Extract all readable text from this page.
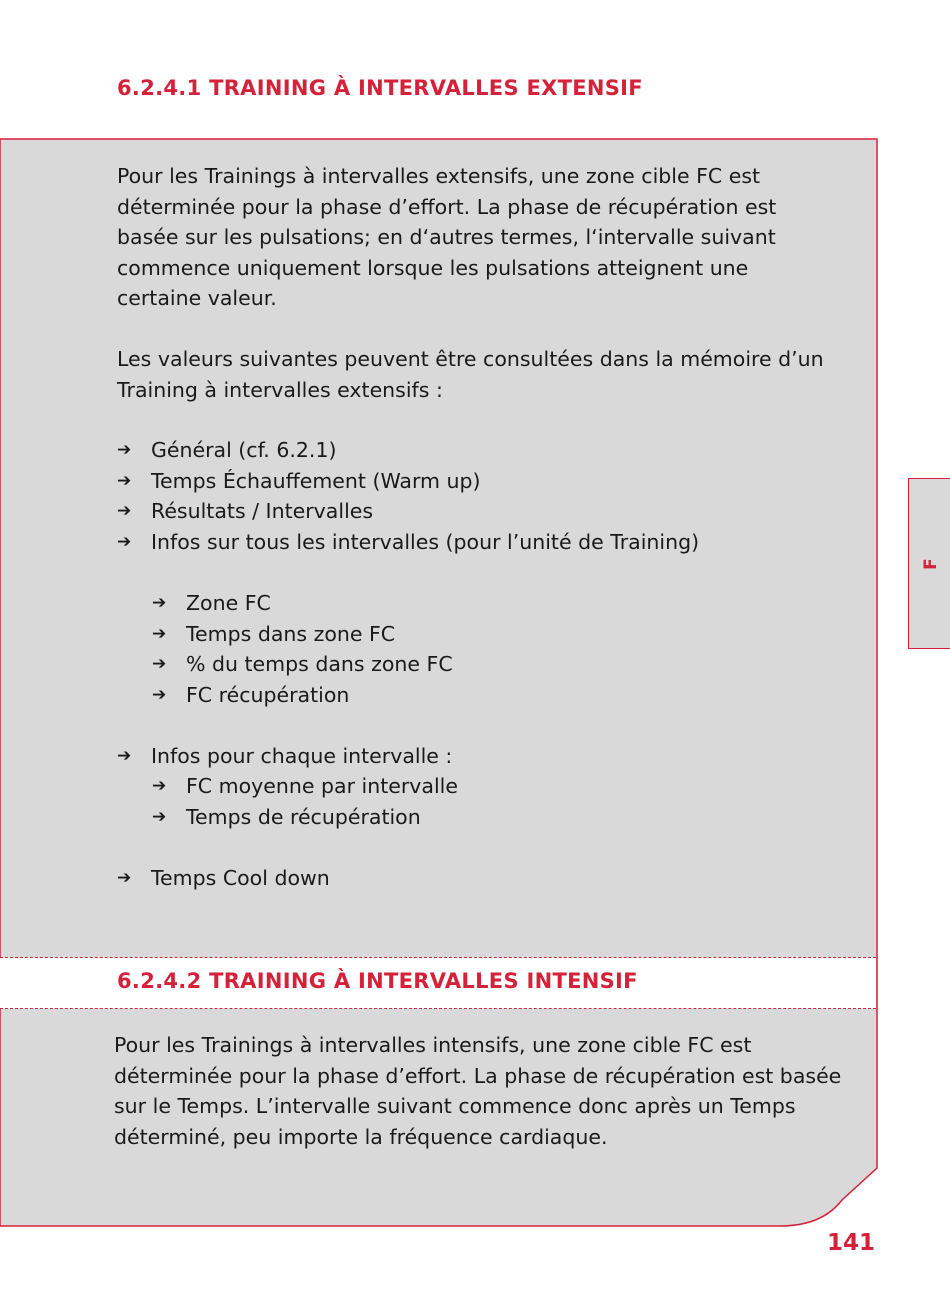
6.2.4.1 TRAINING À INTERVALLES EXTENSIF

Pour les Trainings à intervalles extensifs, une zone cible FC est déterminée pour la phase d’effort. La phase de récupération est basée sur les pulsations; en d‘autres termes, l‘intervalle suivant commence uniquement lorsque les pulsations atteignent une certaine valeur.

Les valeurs suivantes peuvent être consultées dans la mémoire d’un Training à intervalles extensifs :

➔ Général (cf. 6.2.1)
➔ Temps Échauffement (Warm up)
➔ Résultats / Intervalles
➔ Infos sur tous les intervalles (pour l’unité de Training)
➔ Zone FC
➔ Temps dans zone FC
➔ % du temps dans zone FC
➔ FC récupération
➔ Infos pour chaque intervalle :
➔ FC moyenne par intervalle
➔ Temps de récupération
➔ Temps Cool down
6.2.4.2 TRAINING À INTERVALLES INTENSIF

Pour les Trainings à intervalles intensifs, une zone cible FC est déterminée pour la phase d’effort. La phase de récupération est basée sur le Temps. L’intervalle suivant commence donc après un Temps déterminé, peu importe la fréquence cardiaque.

F
141
